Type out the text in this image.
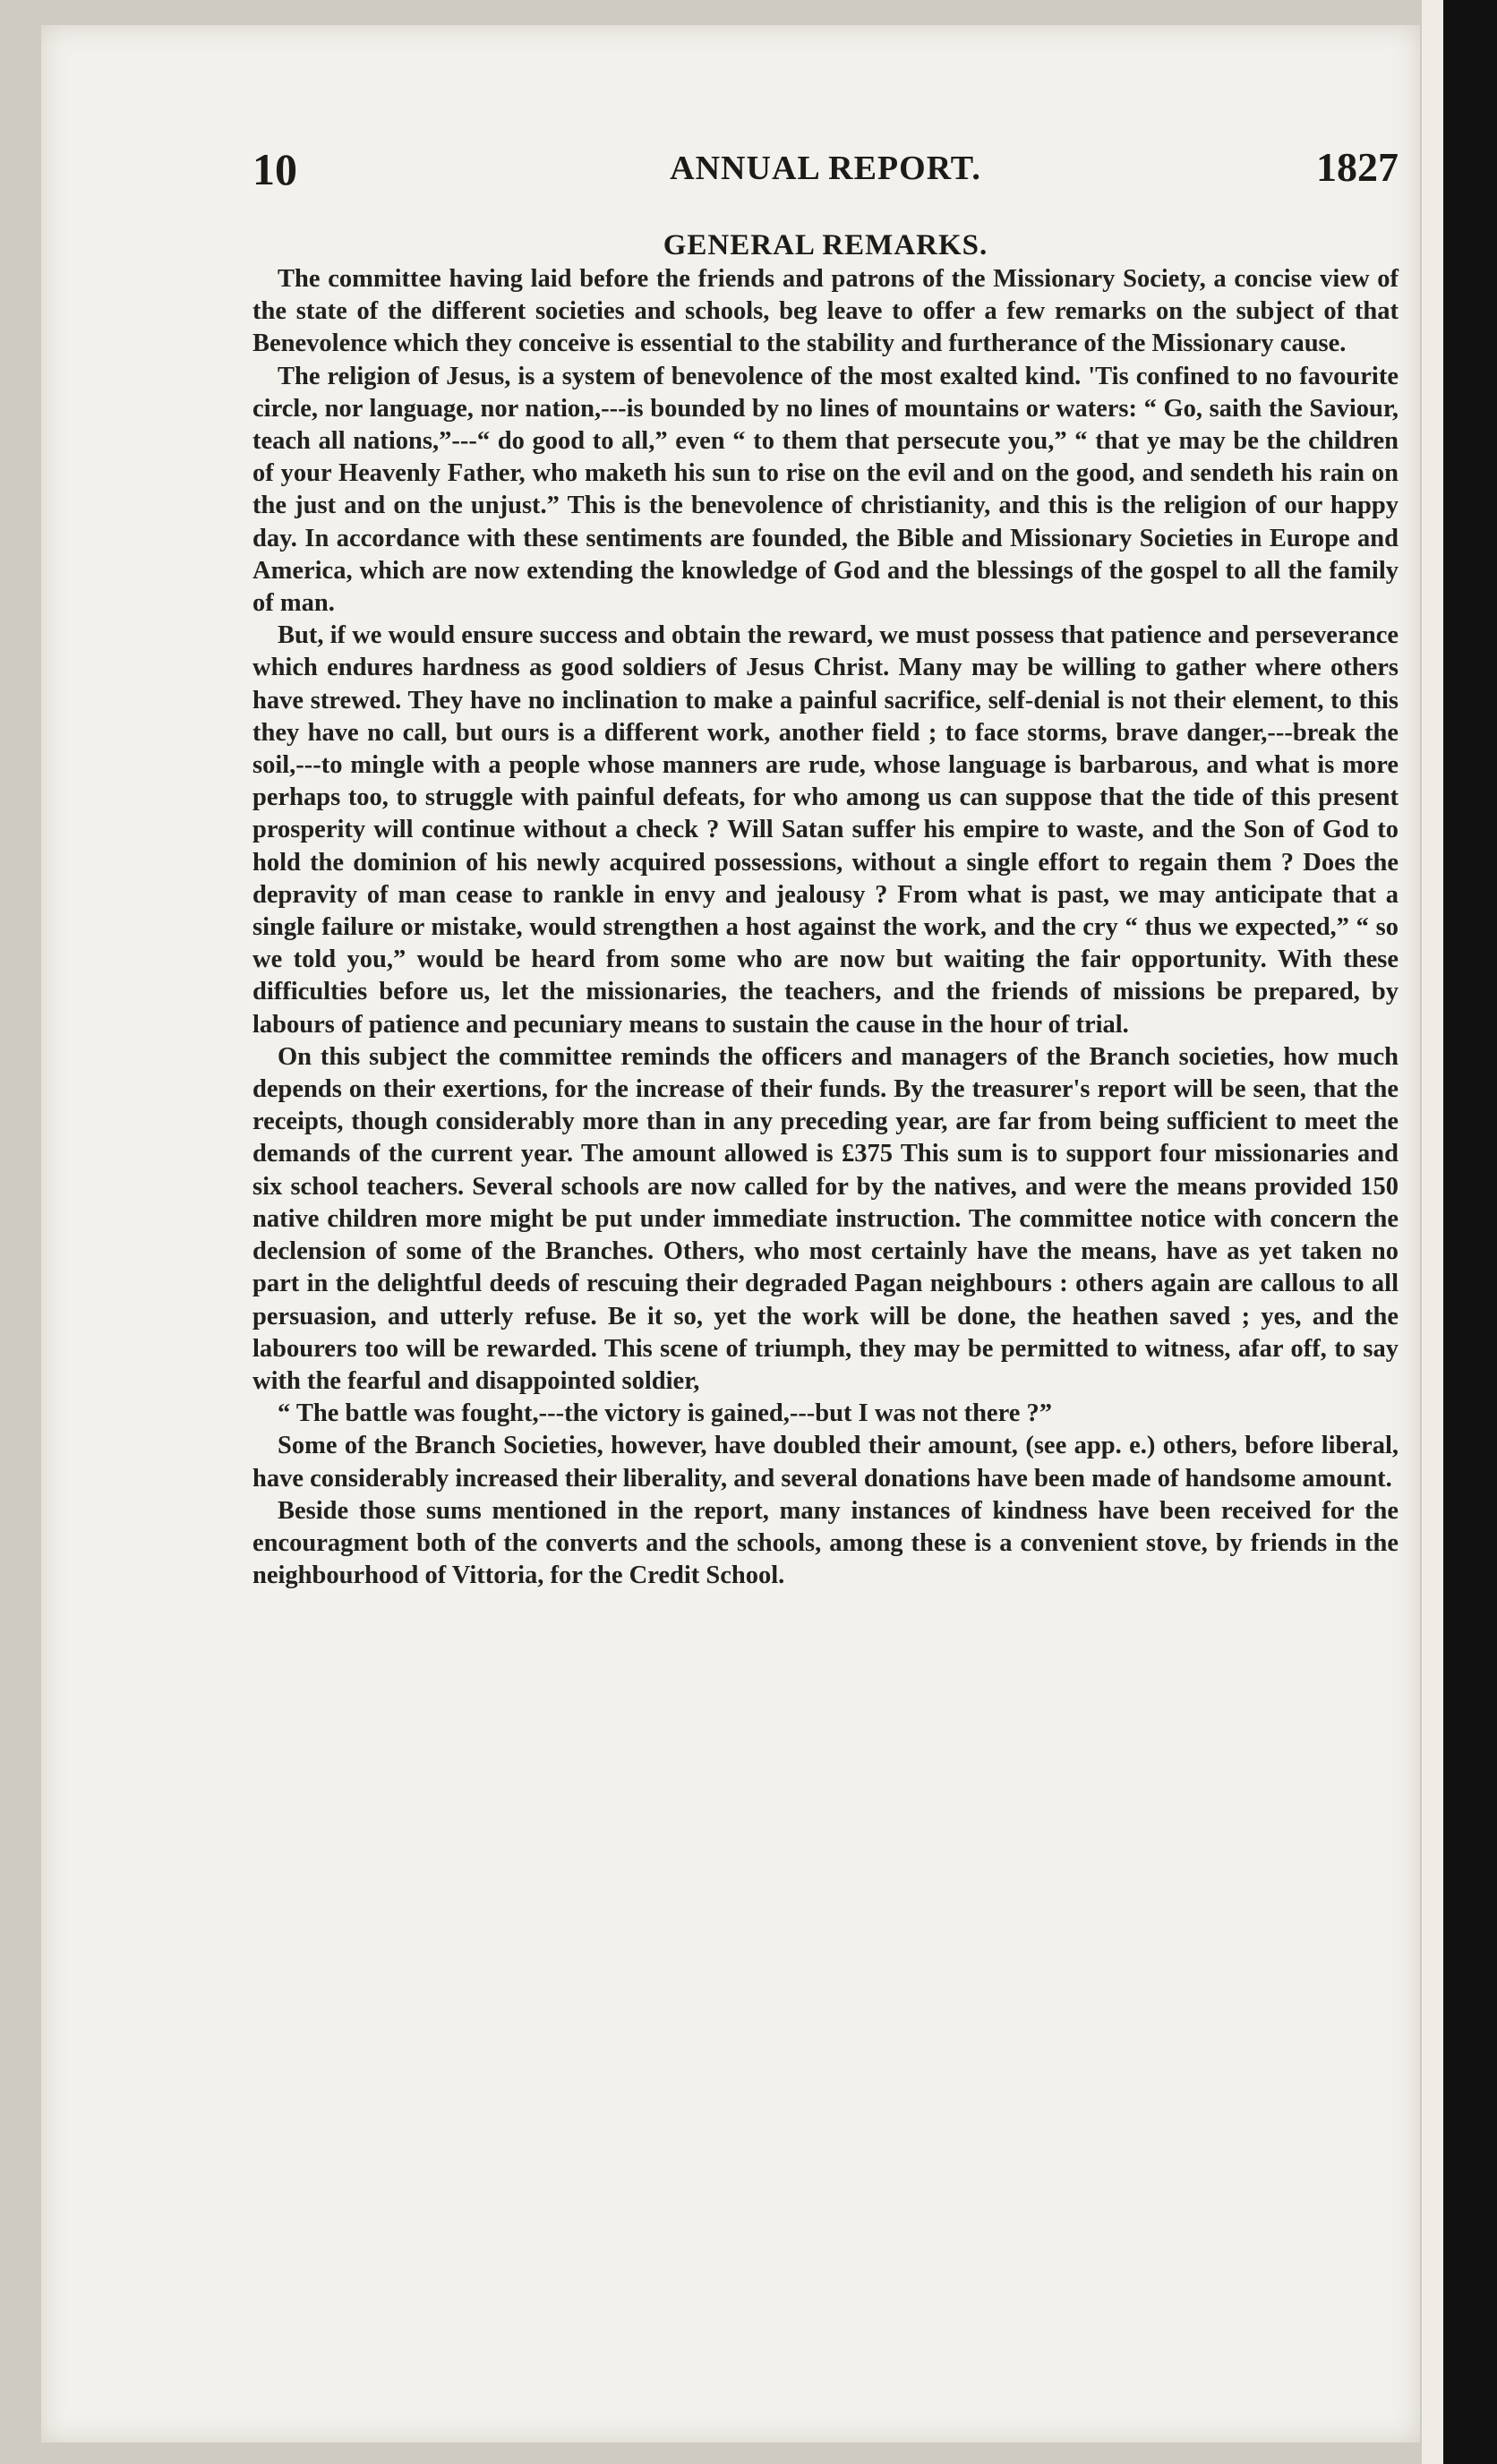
10	ANNUAL REPORT.	1827
GENERAL REMARKS.

The committee having laid before the friends and patrons of the Missionary Society, a concise view of the state of the different societies and schools, beg leave to offer a few remarks on the subject of that Benevolence which they conceive is essential to the stability and furtherance of the Missionary cause.

The religion of Jesus, is a system of benevolence of the most exalted kind. 'Tis confined to no favourite circle, nor language, nor nation,---is bounded by no lines of mountains or waters: “ Go, saith the Saviour, teach all nations,”---“ do good to all,” even “ to them that persecute you,” “ that ye may be the children of your Heavenly Father, who maketh his sun to rise on the evil and on the good, and sendeth his rain on the just and on the unjust.” This is the benevolence of christianity, and this is the religion of our happy day. In accordance with these sentiments are founded, the Bible and Missionary Societies in Europe and America, which are now extending the knowledge of God and the blessings of the gospel to all the family of man.

But, if we would ensure success and obtain the reward, we must possess that patience and perseverance which endures hardness as good soldiers of Jesus Christ. Many may be willing to gather where others have strewed. They have no inclination to make a painful sacrifice, self-denial is not their element, to this they have no call, but ours is a different work, another field ; to face storms, brave danger,---break the soil,---to mingle with a people whose manners are rude, whose language is barbarous, and what is more perhaps too, to struggle with painful defeats, for who among us can suppose that the tide of this present prosperity will continue without a check ? Will Satan suffer his empire to waste, and the Son of God to hold the dominion of his newly acquired possessions, without a single effort to regain them ? Does the depravity of man cease to rankle in envy and jealousy ? From what is past, we may anticipate that a single failure or mistake, would strengthen a host against the work, and the cry “ thus we expected,” “ so we told you,” would be heard from some who are now but waiting the fair opportunity. With these difficulties before us, let the missionaries, the teachers, and the friends of missions be prepared, by labours of patience and pecuniary means to sustain the cause in the hour of trial.

On this subject the committee reminds the officers and managers of the Branch societies, how much depends on their exertions, for the increase of their funds. By the treasurer's report will be seen, that the receipts, though considerably more than in any preceding year, are far from being sufficient to meet the demands of the current year. The amount allowed is £375 This sum is to support four missionaries and six school teachers. Several schools are now called for by the natives, and were the means provided 150 native children more might be put under immediate instruction. The committee notice with concern the declension of some of the Branches. Others, who most certainly have the means, have as yet taken no part in the delightful deeds of rescuing their degraded Pagan neighbours : others again are callous to all persuasion, and utterly refuse. Be it so, yet the work will be done, the heathen saved ; yes, and the labourers too will be rewarded. This scene of triumph, they may be permitted to witness, afar off, to say with the fearful and disappointed soldier,

“ The battle was fought,---the victory is gained,---but I was not there ?”

Some of the Branch Societies, however, have doubled their amount, (see app. e.) others, before liberal, have considerably increased their liberality, and several donations have been made of handsome amount.

Beside those sums mentioned in the report, many instances of kindness have been received for the encouragment both of the converts and the schools, among these is a convenient stove, by friends in the neighbourhood of Vittoria, for the Credit School.
